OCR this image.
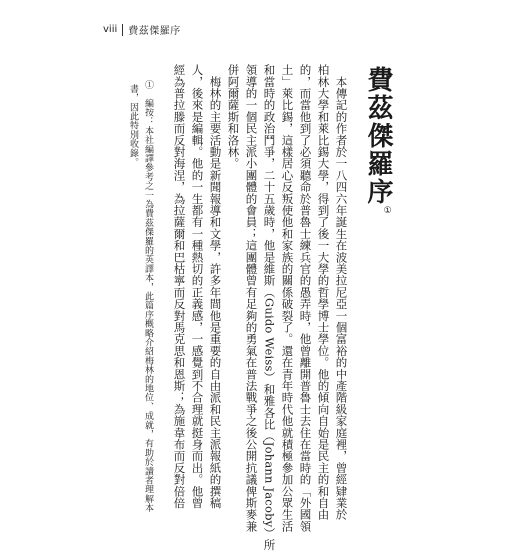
viii 費茲傑羅序
費茲傑羅序①
　本傳記的作者於一八四六年誕生在波美拉尼亞一個富裕的中產階級家庭裡，曾經肄業於
柏林大學和萊比錫大學，得到了後一大學的哲學博士學位。他的傾向自始是民主的和自由
的，而當他到了必須聽命於普魯士練兵官的愚弄時，他曾離開普魯士去住在當時的「外國領
土」萊比錫，這樣居心反叛使他和家族的關係破裂了。還在青年時代他就積極參加公眾生活
和當時的政治鬥爭，二十五歲時，他是維斯（Guido Weiss）和雅各比（Johann Jacoby）所
領導的一個民主派小團體的會員；這團體曾有足夠的勇氣在普法戰爭之後公開抗議俾斯麥兼
併阿爾薩斯和洛林。
　梅林的主要活動是新聞報導和文學，許多年間他是重要的自由派和民主派報紙的撰稿
人，後來是編輯。他的一生都有一種熱切的正義感，一感覺到不合理就挺身而出。他曾
經為普拉滕而反對海涅，為拉薩爾和巴枯寧而反對馬克思和恩斯；為施韋布而反對倍倍
①　編按：本社編譯參考之一為費茲傑羅的英譯本，此篇序概略介紹梅林的地位、成就，有助於讀者理解本
書，因此特別收錄。
